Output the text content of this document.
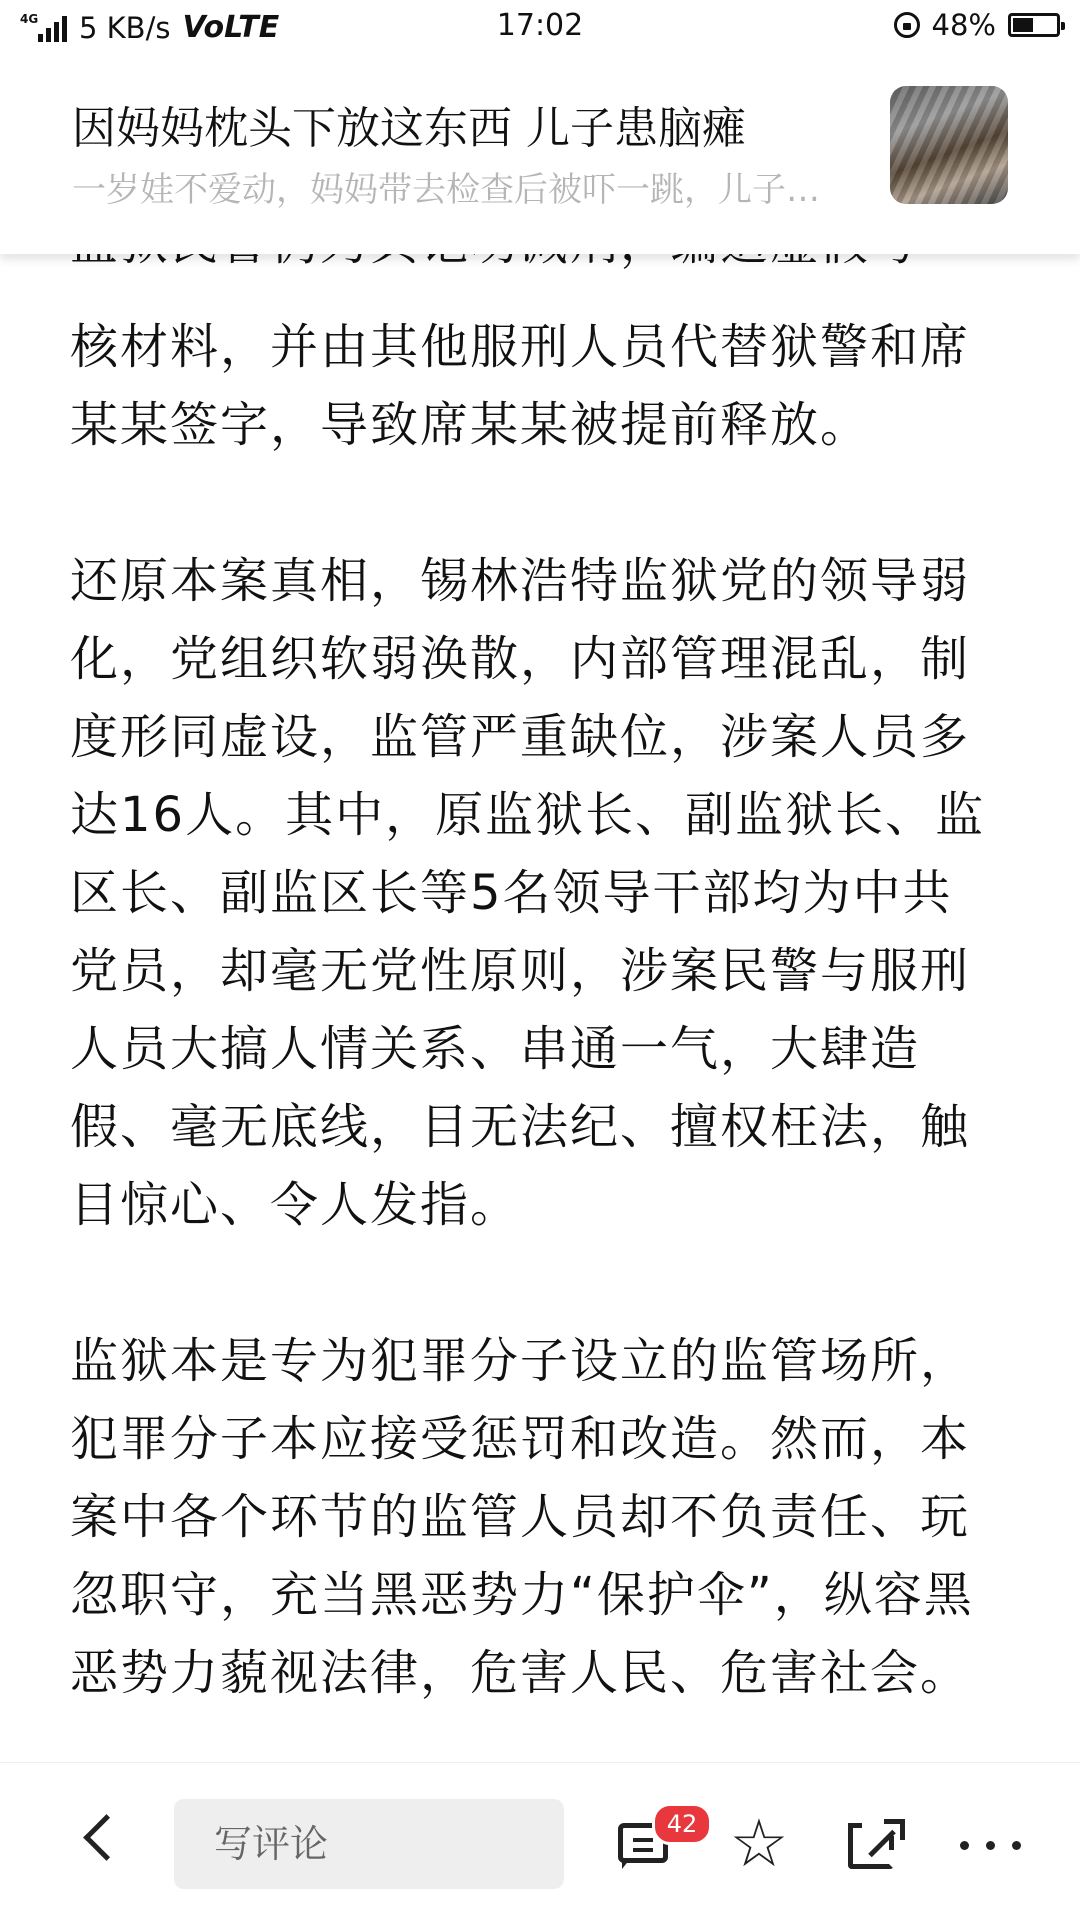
4G 5 KB/s VoLTE	17:02	48%
因妈妈枕头下放这东西 儿子患脑瘫
一岁娃不爱动，妈妈带去检查后被吓一跳，儿子…

核材料，并由其他服刑人员代替狱警和席某某签字，导致席某某被提前释放。

还原本案真相，锡林浩特监狱党的领导弱化，党组织软弱涣散，内部管理混乱，制度形同虚设，监管严重缺位，涉案人员多达16人。其中，原监狱长、副监狱长、监区长、副监区长等5名领导干部均为中共党员，却毫无党性原则，涉案民警与服刑人员大搞人情关系、串通一气，大肆造假、毫无底线，目无法纪、擅权枉法，触目惊心、令人发指。

监狱本是专为犯罪分子设立的监管场所，犯罪分子本应接受惩罚和改造。然而，本案中各个环节的监管人员却不负责任、玩忽职守，充当黑恶势力“保护伞”，纵容黑恶势力藐视法律，危害人民、危害社会。

写评论	42 ☆
